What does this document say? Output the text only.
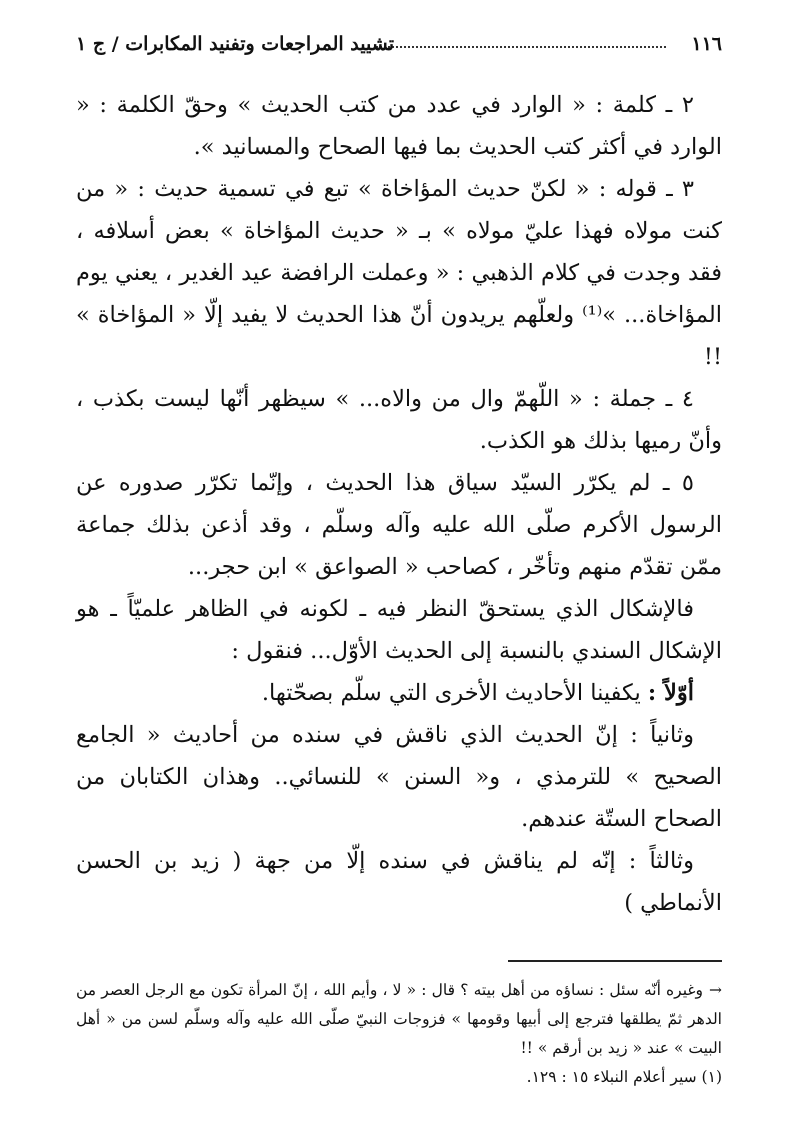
١١٦
تشييد المراجعات وتفنيد المكابرات / ج ١

٢ ـ كلمة : « الوارد في عدد من كتب الحديث » وحقّ الكلمة : « الوارد في أكثر كتب الحديث بما فيها الصحاح والمسانيد ».

٣ ـ قوله : « لكنّ حديث المؤاخاة » تبع في تسمية حديث : « من كنت مولاه فهذا عليّ مولاه » بـ « حديث المؤاخاة » بعض أسلافه ، فقد وجدت في كلام الذهبي : « وعملت الرافضة عيد الغدير ، يعني يوم المؤاخاة... »⁽¹⁾ ولعلّهم يريدون أنّ هذا الحديث لا يفيد إلّا « المؤاخاة » !!

٤ ـ جملة : « اللّهمّ وال من والاه... » سيظهر أنّها ليست بكذب ، وأنّ رميها بذلك هو الكذب.

٥ ـ لم يكرّر السيّد سياق هذا الحديث ، وإنّما تكرّر صدوره عن الرسول الأكرم صلّى الله عليه وآله وسلّم ، وقد أذعن بذلك جماعة ممّن تقدّم منهم وتأخّر ، كصاحب « الصواعق » ابن حجر...

فالإشكال الذي يستحقّ النظر فيه ـ لكونه في الظاهر علميّاً ـ هو الإشكال السندي بالنسبة إلى الحديث الأوّل... فنقول :

أوّلاً : يكفينا الأحاديث الأخرى التي سلّم بصحّتها.

وثانياً : إنّ الحديث الذي ناقش في سنده من أحاديث « الجامع الصحيح » للترمذي ، و« السنن » للنسائي.. وهذان الكتابان من الصحاح الستّة عندهم.

وثالثاً : إنّه لم يناقش في سنده إلّا من جهة ( زيد بن الحسن الأنماطي )

→وغيره أنّه سئل : نساؤه من أهل بيته ؟ قال : « لا ، وأيم الله ، إنّ المرأة تكون مع الرجل العصر من الدهر ثمّ يطلقها فترجع إلى أبيها وقومها » فزوجات النبيّ صلّى الله عليه وآله وسلّم لسن من « أهل البيت » عند « زيد بن أرقم » !!

(١) سير أعلام النبلاء ١٥ : ١٢٩.
